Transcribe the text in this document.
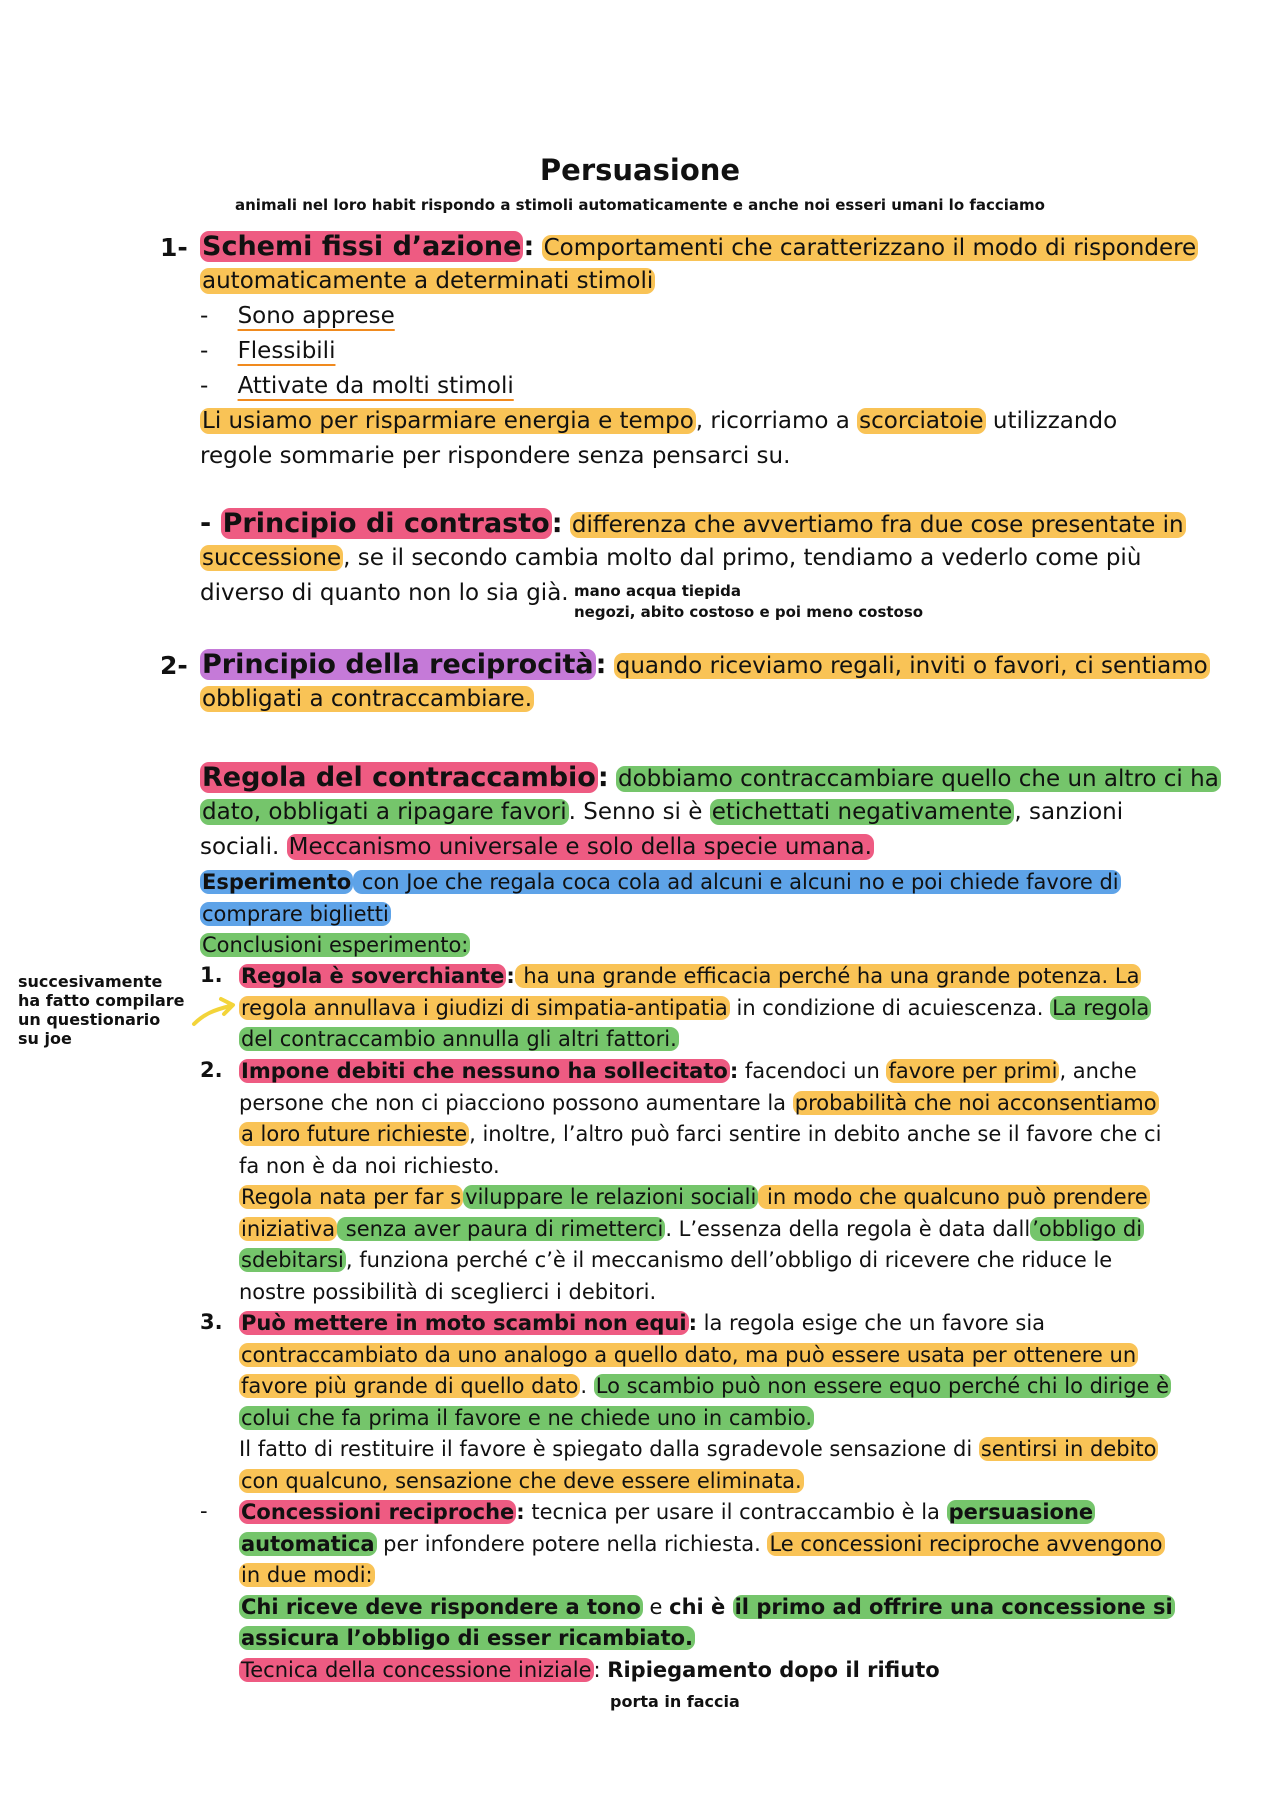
Persuasione
animali nel loro habit rispondo a stimoli automaticamente e anche noi esseri umani lo facciamo
1- Schemi fissi d’azione: Comportamenti che caratterizzano il modo di rispondere
automaticamente a determinati stimoli
- Sono apprese
- Flessibili
- Attivate da molti stimoli
Li usiamo per risparmiare energia e tempo, ricorriamo a scorciatoie utilizzando
regole sommarie per rispondere senza pensarci su.
- Principio di contrasto: differenza che avvertiamo fra due cose presentate in
successione, se il secondo cambia molto dal primo, tendiamo a vederlo come più
diverso di quanto non lo sia già. mano acqua tiepida
negozi, abito costoso e poi meno costoso
2- Principio della reciprocità: quando riceviamo regali, inviti o favori, ci sentiamo
obbligati a contraccambiare.
Regola del contraccambio: dobbiamo contraccambiare quello che un altro ci ha
dato, obbligati a ripagare favori. Senno si è etichettati negativamente, sanzioni
sociali. Meccanismo universale e solo della specie umana.
Esperimento con Joe che regala coca cola ad alcuni e alcuni no e poi chiede favore di
comprare biglietti
Conclusioni esperimento:
succesivamente
ha fatto compilare
un questionario
su joe
1. Regola è soverchiante: ha una grande efficacia perché ha una grande potenza. La
regola annullava i giudizi di simpatia-antipatia in condizione di acuiescenza. La regola
del contraccambio annulla gli altri fattori.
2. Impone debiti che nessuno ha sollecitato: facendoci un favore per primi, anche
persone che non ci piacciono possono aumentare la probabilità che noi acconsentiamo
a loro future richieste, inoltre, l’altro può farci sentire in debito anche se il favore che ci
fa non è da noi richiesto.
Regola nata per far s viluppare le relazioni sociali in modo che qualcuno può prendere
iniziativa senza aver paura di rimetterci. L’essenza della regola è data dall’obbligo di
sdebitarsi, funziona perché c’è il meccanismo dell’obbligo di ricevere che riduce le
nostre possibilità di sceglierci i debitori.
3. Può mettere in moto scambi non equi: la regola esige che un favore sia
contraccambiato da uno analogo a quello dato, ma può essere usata per ottenere un
favore più grande di quello dato. Lo scambio può non essere equo perché chi lo dirige è
colui che fa prima il favore e ne chiede uno in cambio.
Il fatto di restituire il favore è spiegato dalla sgradevole sensazione di sentirsi in debito
con qualcuno, sensazione che deve essere eliminata.
- Concessioni reciproche: tecnica per usare il contraccambio è la persuasione
automatica per infondere potere nella richiesta. Le concessioni reciproche avvengono
in due modi:
Chi riceve deve rispondere a tono e chi è il primo ad offrire una concessione si
assicura l’obbligo di esser ricambiato.
Tecnica della concessione iniziale: Ripiegamento dopo il rifiuto
porta in faccia
